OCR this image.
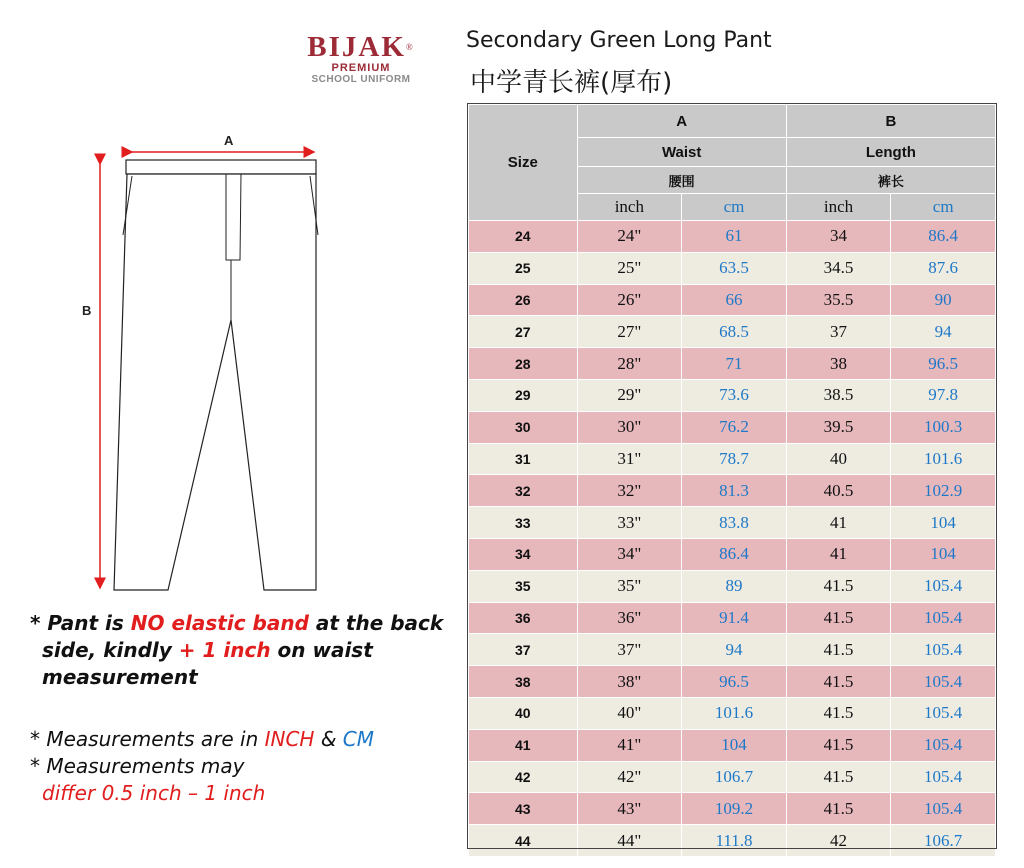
BIJAK®
PREMIUM
SCHOOL UNIFORM
Secondary Green Long Pant
中学青长裤(厚布)
A
B
* Pant is NO elastic band at the back
side, kindly + 1 inch on waist
measurement
* Measurements are in INCH & CM
* Measurements may
differ 0.5 inch – 1 inch
Size	A		B	
	Waist		Length	
	腰围		裤长	
	inch	cm	inch	cm
24	24"	61	34	86.4
25	25"	63.5	34.5	87.6
26	26"	66	35.5	90
27	27"	68.5	37	94
28	28"	71	38	96.5
29	29"	73.6	38.5	97.8
30	30"	76.2	39.5	100.3
31	31"	78.7	40	101.6
32	32"	81.3	40.5	102.9
33	33"	83.8	41	104
34	34"	86.4	41	104
35	35"	89	41.5	105.4
36	36"	91.4	41.5	105.4
37	37"	94	41.5	105.4
38	38"	96.5	41.5	105.4
40	40"	101.6	41.5	105.4
41	41"	104	41.5	105.4
42	42"	106.7	41.5	105.4
43	43"	109.2	41.5	105.4
44	44"	111.8	42	106.7
